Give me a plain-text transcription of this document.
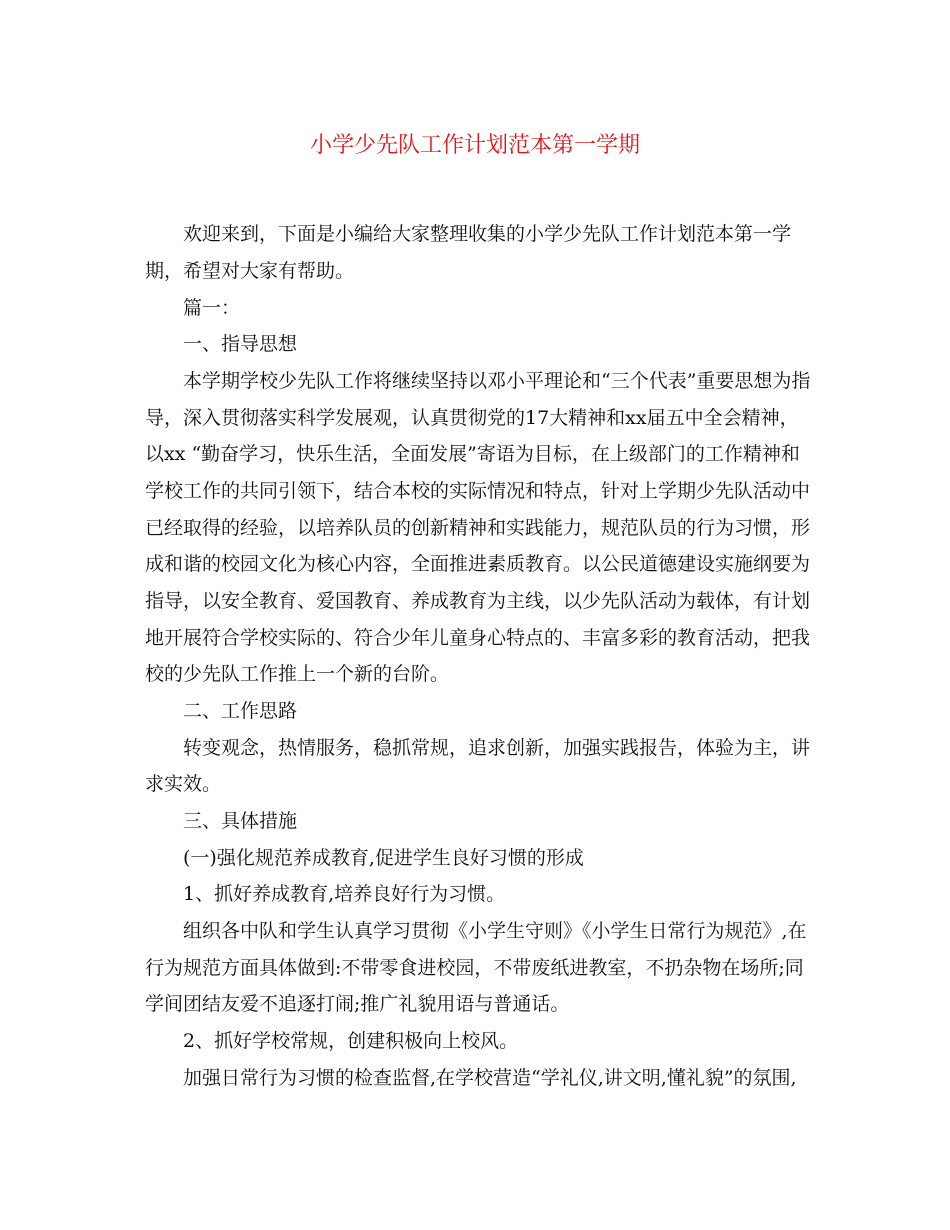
小学少先队工作计划范本第一学期

欢迎来到，下面是小编给大家整理收集的小学少先队工作计划范本第一学

期，希望对大家有帮助。

篇一：

一、指导思想

本学期学校少先队工作将继续坚持以邓小平理论和“三个代表”重要思想为指

导，深入贯彻落实科学发展观，认真贯彻党的17大精神和xx届五中全会精神，

以xx “勤奋学习，快乐生活，全面发展”寄语为目标，在上级部门的工作精神和

学校工作的共同引领下，结合本校的实际情况和特点，针对上学期少先队活动中

已经取得的经验，以培养队员的创新精神和实践能力，规范队员的行为习惯，形

成和谐的校园文化为核心内容，全面推进素质教育。以公民道德建设实施纲要为

指导，以安全教育、爱国教育、养成教育为主线，以少先队活动为载体，有计划

地开展符合学校实际的、符合少年儿童身心特点的、丰富多彩的教育活动，把我

校的少先队工作推上一个新的台阶。

二、工作思路

转变观念，热情服务，稳抓常规，追求创新，加强实践报告，体验为主，讲

求实效。

三、具体措施

(一)强化规范养成教育,促进学生良好习惯的形成

1、抓好养成教育,培养良好行为习惯。

组织各中队和学生认真学习贯彻《小学生守则》《小学生日常行为规范》,在

行为规范方面具体做到:不带零食进校园，不带废纸进教室，不扔杂物在场所;同

学间团结友爱不追逐打闹;推广礼貌用语与普通话。

2、抓好学校常规，创建积极向上校风。

加强日常行为习惯的检查监督,在学校营造“学礼仪,讲文明,懂礼貌”的氛围,
